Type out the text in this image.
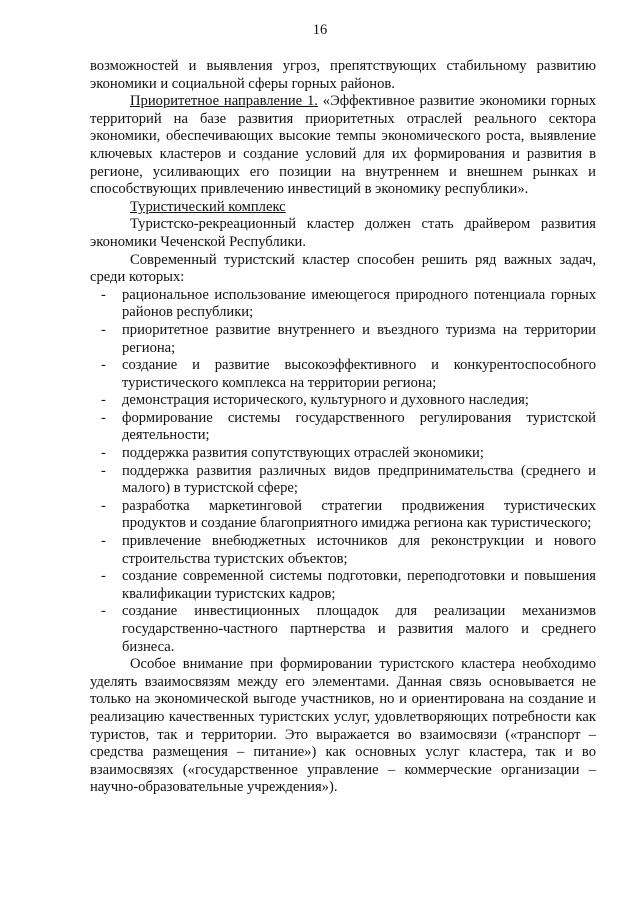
16

возможностей и выявления угроз, препятствующих стабильному развитию экономики и социальной сферы горных районов.

Приоритетное направление 1. «Эффективное развитие экономики горных территорий на базе развития приоритетных отраслей реального сектора экономики, обеспечивающих высокие темпы экономического роста, выявление ключевых кластеров и создание условий для их формирования и развития в регионе, усиливающих его позиции на внутреннем и внешнем рынках и способствующих привлечению инвестиций в экономику республики».

Туристический комплекс

Туристско-рекреационный кластер должен стать драйвером развития экономики Чеченской Республики.

Современный туристский кластер способен решить ряд важных задач, среди которых:

- рациональное использование имеющегося природного потенциала горных районов республики;
- приоритетное развитие внутреннего и въездного туризма на территории региона;
- создание и развитие высокоэффективного и конкурентоспособного туристического комплекса на территории региона;
- демонстрация исторического, культурного и духовного наследия;
- формирование системы государственного регулирования туристской деятельности;
- поддержка развития сопутствующих отраслей экономики;
- поддержка развития различных видов предпринимательства (среднего и малого) в туристской сфере;
- разработка маркетинговой стратегии продвижения туристических продуктов и создание благоприятного имиджа региона как туристического;
- привлечение внебюджетных источников для реконструкции и нового строительства туристских объектов;
- создание современной системы подготовки, переподготовки и повышения квалификации туристских кадров;
- создание инвестиционных площадок для реализации механизмов государственно-частного партнерства и развития малого и среднего бизнеса.

Особое внимание при формировании туристского кластера необходимо уделять взаимосвязям между его элементами. Данная связь основывается не только на экономической выгоде участников, но и ориентирована на создание и реализацию качественных туристских услуг, удовлетворяющих потребности как туристов, так и территории. Это выражается во взаимосвязи («транспорт – средства размещения – питание») как основных услуг кластера, так и во взаимосвязях («государственное управление – коммерческие организации – научно-образовательные учреждения»).
